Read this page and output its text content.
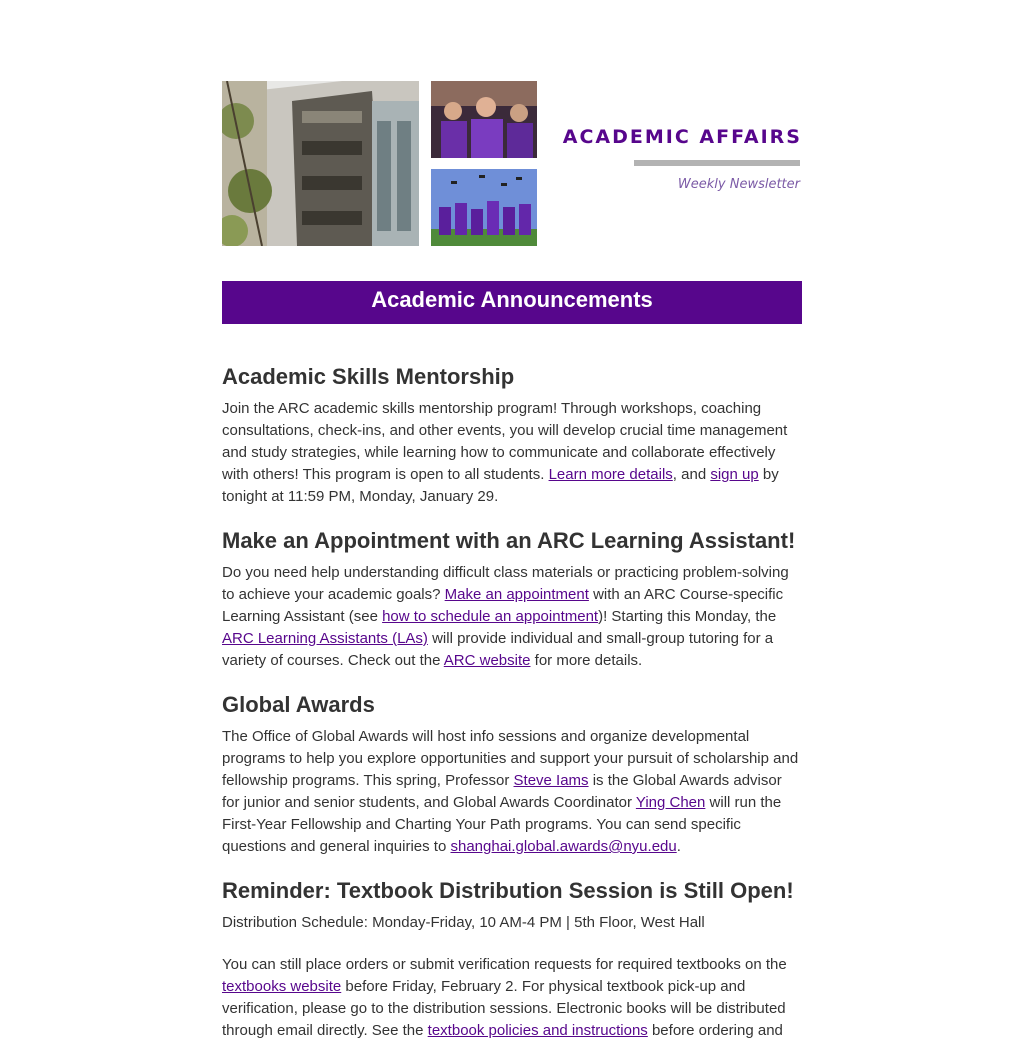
ACADEMIC AFFAIRS
Weekly Newsletter
Academic Announcements
Academic Skills Mentorship

Join the ARC academic skills mentorship program! Through workshops, coaching consultations, check-ins, and other events, you will develop crucial time management and study strategies, while learning how to communicate and collaborate effectively with others! This program is open to all students. Learn more details, and sign up by tonight at 11:59 PM, Monday, January 29.

Make an Appointment with an ARC Learning Assistant!

Do you need help understanding difficult class materials or practicing problem-solving to achieve your academic goals? Make an appointment with an ARC Course-specific Learning Assistant (see how to schedule an appointment)! Starting this Monday, the ARC Learning Assistants (LAs) will provide individual and small-group tutoring for a variety of courses. Check out the ARC website for more details.

Global Awards

The Office of Global Awards will host info sessions and organize developmental programs to help you explore opportunities and support your pursuit of scholarship and fellowship programs. This spring, Professor Steve Iams is the Global Awards advisor for junior and senior students, and Global Awards Coordinator Ying Chen will run the First-Year Fellowship and Charting Your Path programs. You can send specific questions and general inquiries to shanghai.global.awards@nyu.edu.

Reminder: Textbook Distribution Session is Still Open!

Distribution Schedule: Monday-Friday, 10 AM-4 PM | 5th Floor, West Hall

You can still place orders or submit verification requests for required textbooks on the textbooks website before Friday, February 2. For physical textbook pick-up and verification, please go to the distribution sessions. Electronic books will be distributed through email directly. See the textbook policies and instructions before ordering and
